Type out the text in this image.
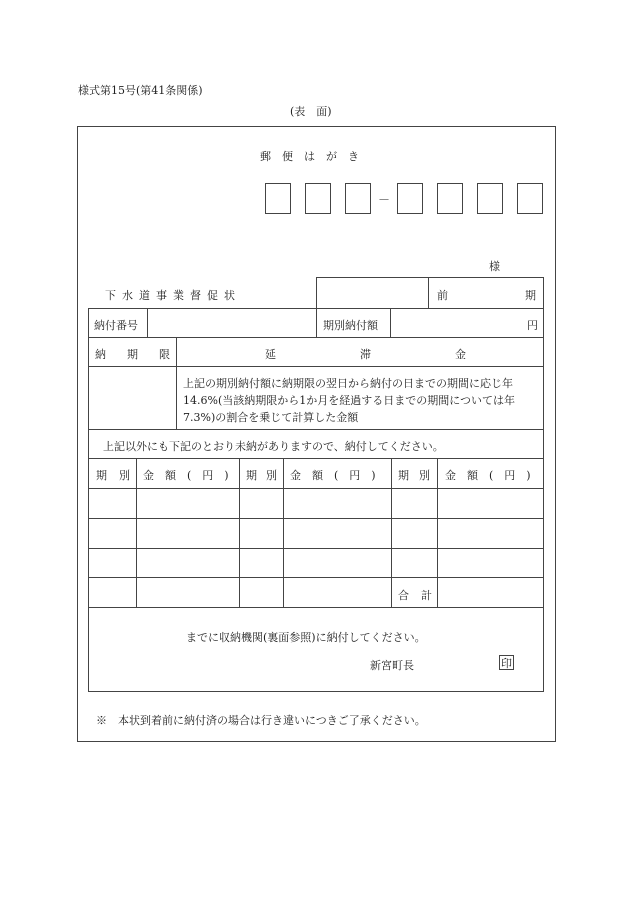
様式第15号(第41条関係)
(表　面)
郵便はがき
－
様
下水道事業督促状	前	期
納付番号	期別納付額	円
納期限	延滞金
上記の期別納付額に納期限の翌日から納付の日までの期間に応じ年14.6%(当該納期限から1か月を経過する日までの期間については年7.3%)の割合を乗じて計算した金額
上記以外にも下記のとおり未納がありますので、納付してください。
期別 金額(円) 期別 金額(円) 期別 金額(円)
合計
までに収納機関(裏面参照)に納付してください。
新宮町長	印
※　本状到着前に納付済の場合は行き違いにつきご了承ください。
